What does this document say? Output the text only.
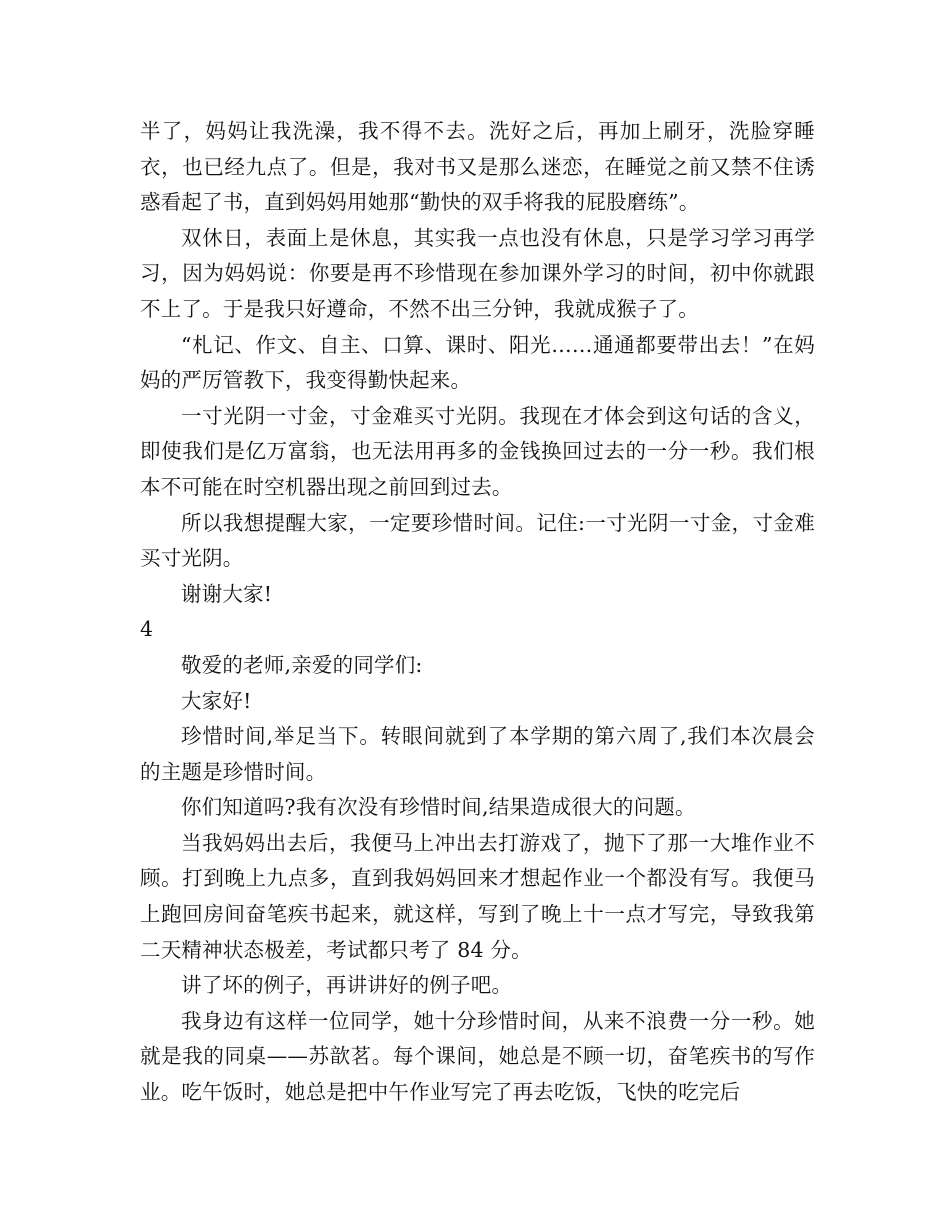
半了，妈妈让我洗澡，我不得不去。洗好之后，再加上刷牙，洗脸穿睡衣，也已经九点了。但是，我对书又是那么迷恋，在睡觉之前又禁不住诱惑看起了书，直到妈妈用她那“勤快的双手将我的屁股磨练”。

双休日，表面上是休息，其实我一点也没有休息，只是学习学习再学习，因为妈妈说：你要是再不珍惜现在参加课外学习的时间，初中你就跟不上了。于是我只好遵命，不然不出三分钟，我就成猴子了。

“札记、作文、自主、口算、课时、阳光……通通都要带出去！”在妈妈的严厉管教下，我变得勤快起来。

一寸光阴一寸金，寸金难买寸光阴。我现在才体会到这句话的含义，即使我们是亿万富翁，也无法用再多的金钱换回过去的一分一秒。我们根本不可能在时空机器出现之前回到过去。

所以我想提醒大家，一定要珍惜时间。记住:一寸光阴一寸金，寸金难买寸光阴。

谢谢大家!

4

敬爱的老师,亲爱的同学们:

大家好!

珍惜时间,举足当下。转眼间就到了本学期的第六周了,我们本次晨会的主题是珍惜时间。

你们知道吗?我有次没有珍惜时间,结果造成很大的问题。

当我妈妈出去后，我便马上冲出去打游戏了，抛下了那一大堆作业不顾。打到晚上九点多，直到我妈妈回来才想起作业一个都没有写。我便马上跑回房间奋笔疾书起来，就这样，写到了晚上十一点才写完，导致我第二天精神状态极差，考试都只考了 84 分。

讲了坏的例子，再讲讲好的例子吧。

我身边有这样一位同学，她十分珍惜时间，从来不浪费一分一秒。她就是我的同桌——苏歆茗。每个课间，她总是不顾一切，奋笔疾书的写作业。吃午饭时，她总是把中午作业写完了再去吃饭，飞快的吃完后
